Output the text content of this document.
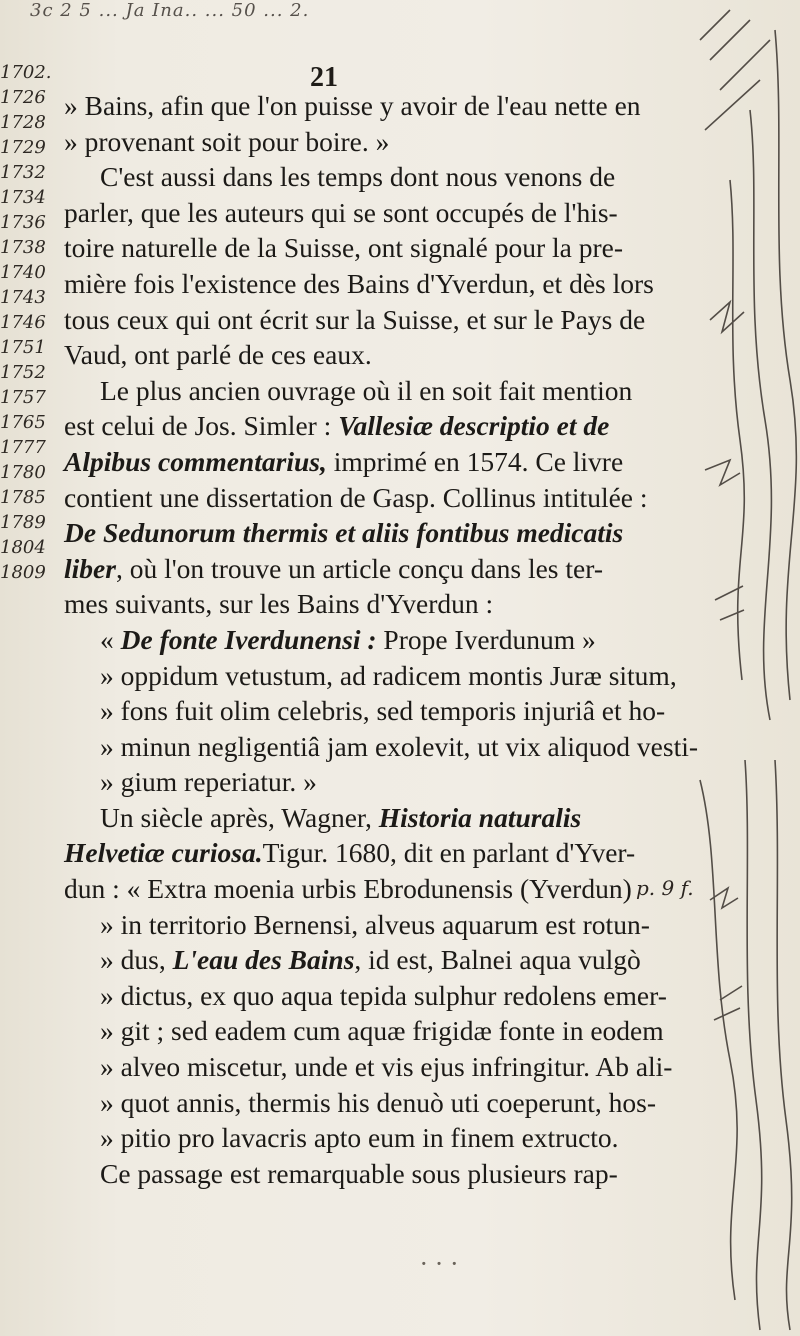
3c 2 5 ... Ja Ina.. ... 50 ... 2.
21
1702.
1726
1728
1729
1732
1734
1736
1738
1740
1743
1746
1751
1752
1757
1765
1777
1780
1785
1789
1804
1809
» Bains, afin que l'on puisse y avoir de l'eau nette en
» provenant soit pour boire. »
C'est aussi dans les temps dont nous venons de
parler, que les auteurs qui se sont occupés de l'his-
toire naturelle de la Suisse, ont signalé pour la pre-
mière fois l'existence des Bains d'Yverdun, et dès lors
tous ceux qui ont écrit sur la Suisse, et sur le Pays de
Vaud, ont parlé de ces eaux.
Le plus ancien ouvrage où il en soit fait mention
est celui de Jos. Simler : Vallesiæ descriptio et de
Alpibus commentarius, imprimé en 1574. Ce livre
contient une dissertation de Gasp. Collinus intitulée :
De Sedunorum thermis et aliis fontibus medicatis
liber, où l'on trouve un article conçu dans les ter-
mes suivants, sur les Bains d'Yverdun :
« De fonte Iverdunensi : Prope Iverdunum »
» oppidum vetustum, ad radicem montis Juræ situm,
» fons fuit olim celebris, sed temporis injuriâ et ho-
» minun negligentiâ jam exolevit, ut vix aliquod vesti-
» gium reperiatur. »
Un siècle après, Wagner, Historia naturalis
Helvetiæ curiosa.Tigur. 1680, dit en parlant d'Yver-
dun : « Extra moenia urbis Ebrodunensis (Yverdun)
» in territorio Bernensi, alveus aquarum est rotun-
» dus, L'eau des Bains, id est, Balnei aqua vulgò
» dictus, ex quo aqua tepida sulphur redolens emer-
» git ; sed eadem cum aquæ frigidæ fonte in eodem
» alveo miscetur, unde et vis ejus infringitur. Ab ali-
» quot annis, thermis his denuò uti coeperunt, hos-
» pitio pro lavacris apto eum in finem extructo.
Ce passage est remarquable sous plusieurs rap-
p. 9 f.
· · ·
